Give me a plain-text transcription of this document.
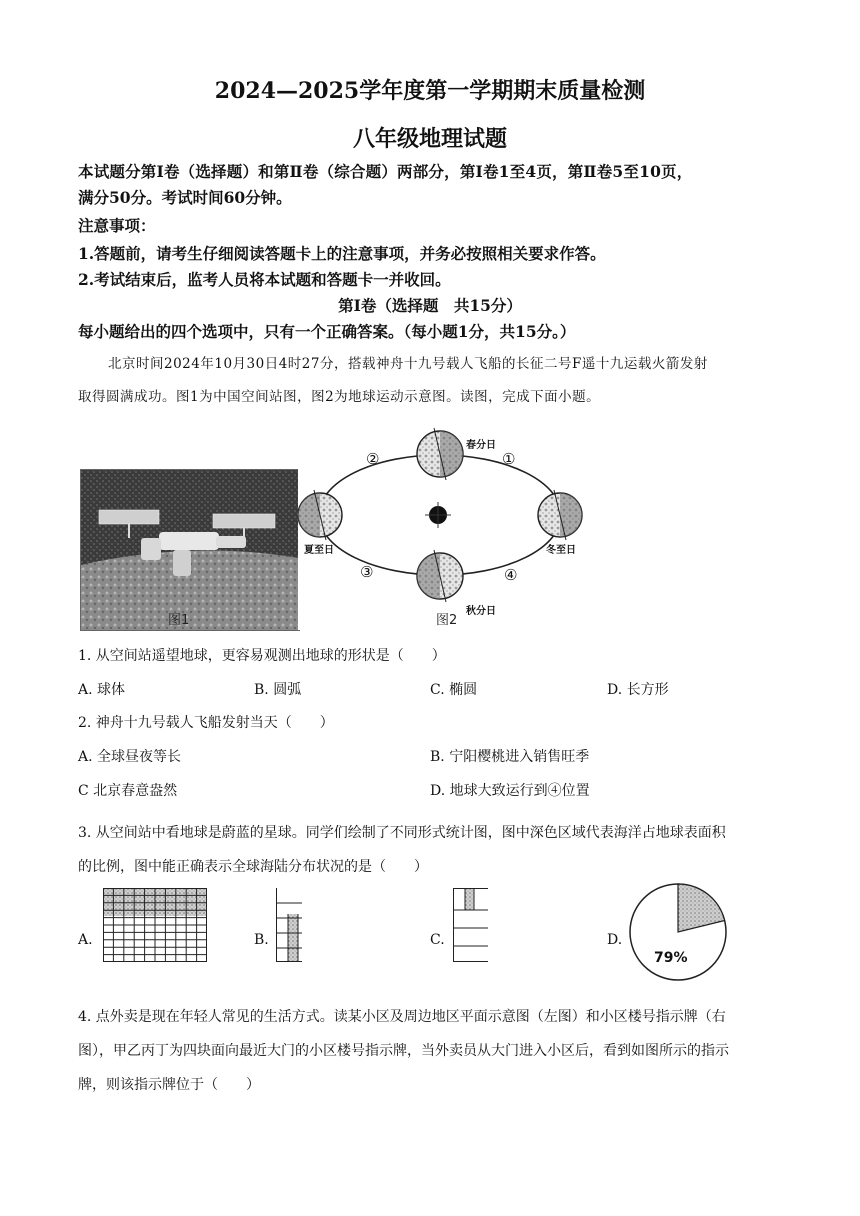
2024—2025学年度第一学期期末质量检测
八年级地理试题
本试题分第Ⅰ卷（选择题）和第Ⅱ卷（综合题）两部分，第Ⅰ卷1至4页，第Ⅱ卷5至10页，
满分50分。考试时间60分钟。
注意事项：
1.答题前，请考生仔细阅读答题卡上的注意事项，并务必按照相关要求作答。
2.考试结束后，监考人员将本试题和答题卡一并收回。
第Ⅰ卷（选择题　共15分）
每小题给出的四个选项中，只有一个正确答案。（每小题1分，共15分。）
北京时间2024年10月30日4时27分，搭载神舟十九号载人飞船的长征二号F遥十九运载火箭发射
取得圆满成功。图1为中国空间站图，图2为地球运动示意图。读图，完成下面小题。
图1
②	①
③	④
春分日
夏至日	冬至日
秋分日
图2
1. 从空间站遥望地球，更容易观测出地球的形状是（　　）
A. 球体	B. 圆弧	C. 椭圆	D. 长方形
2. 神舟十九号载人飞船发射当天（　　）
A. 全球昼夜等长	B. 宁阳樱桃进入销售旺季
C 北京春意盎然	D. 地球大致运行到④位置
3. 从空间站中看地球是蔚蓝的星球。同学们绘制了不同形式统计图，图中深色区域代表海洋占地球表面积
的比例，图中能正确表示全球海陆分布状况的是（　　）
A.	B.	C.	D.
79%
4. 点外卖是现在年轻人常见的生活方式。读某小区及周边地区平面示意图（左图）和小区楼号指示牌（右
图），甲乙丙丁为四块面向最近大门的小区楼号指示牌，当外卖员从大门进入小区后，看到如图所示的指示
牌，则该指示牌位于（　　）
